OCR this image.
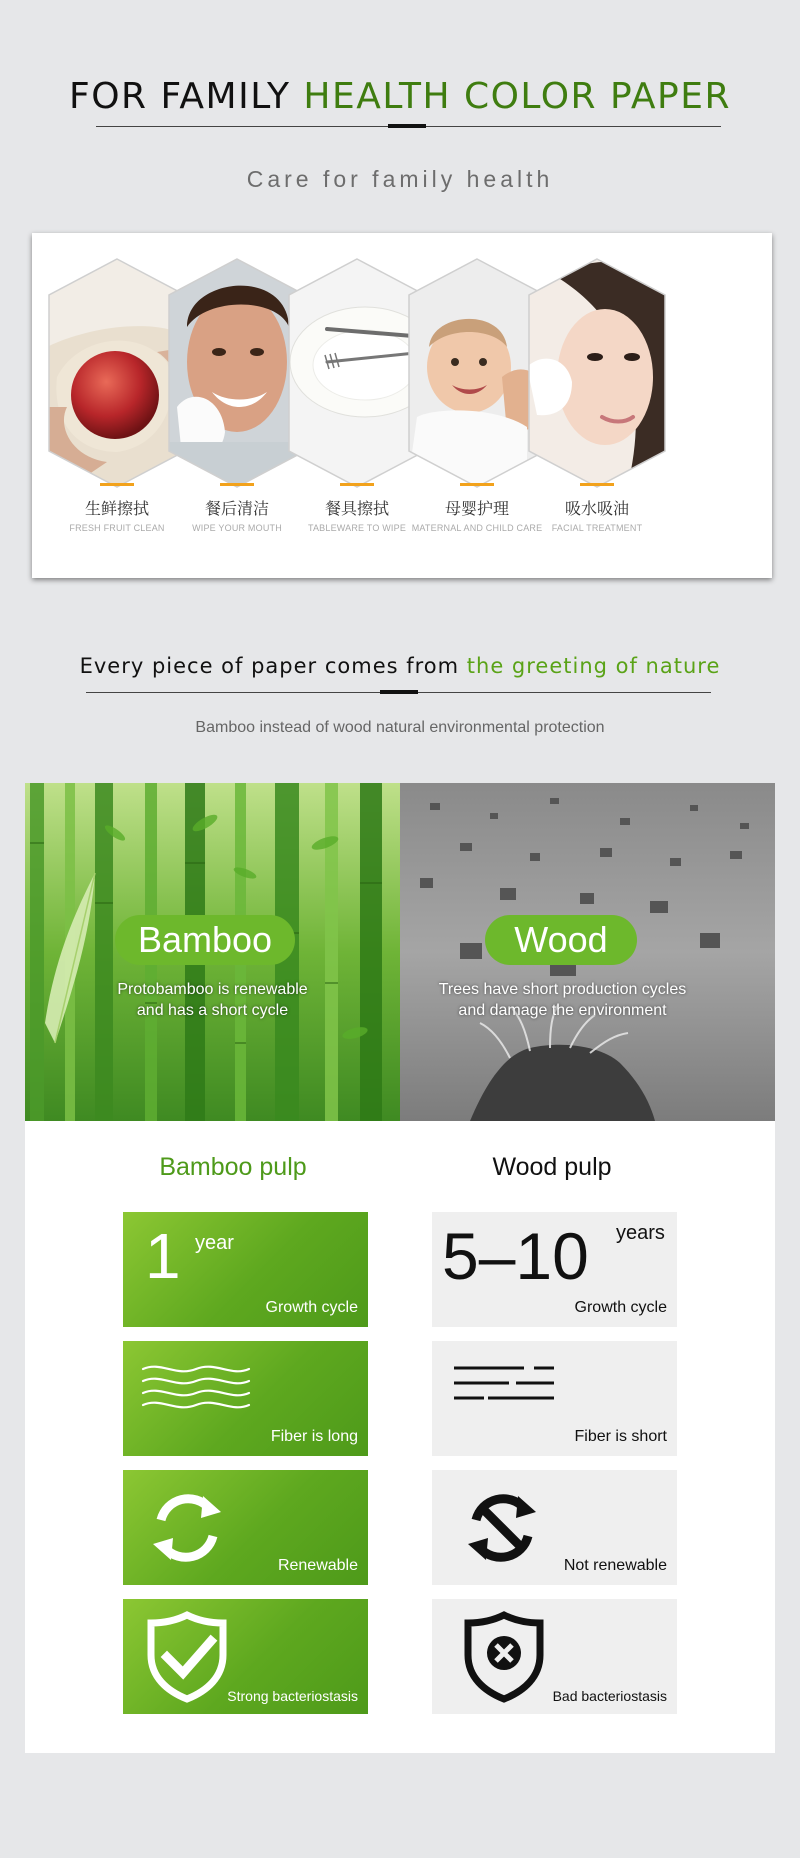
FOR FAMILY HEALTH COLOR PAPER
Care for family health
生鲜擦拭
FRESH FRUIT CLEAN
餐后清洁
WIPE YOUR MOUTH
餐具擦拭
TABLEWARE TO WIPE
母婴护理
MATERNAL AND CHILD CARE
吸水吸油
FACIAL TREATMENT
Every piece of paper comes from the greeting of nature
Bamboo instead of wood natural environmental protection
Bamboo
Protobamboo is renewable
and has a short cycle
Wood
Trees have short production cycles
and damage the environment
Bamboo pulp	Wood pulp
1 year
Growth cycle
Fiber is long
Renewable
Strong bacteriostasis
5–10 years
Growth cycle
Fiber is short
Not renewable
Bad bacteriostasis
